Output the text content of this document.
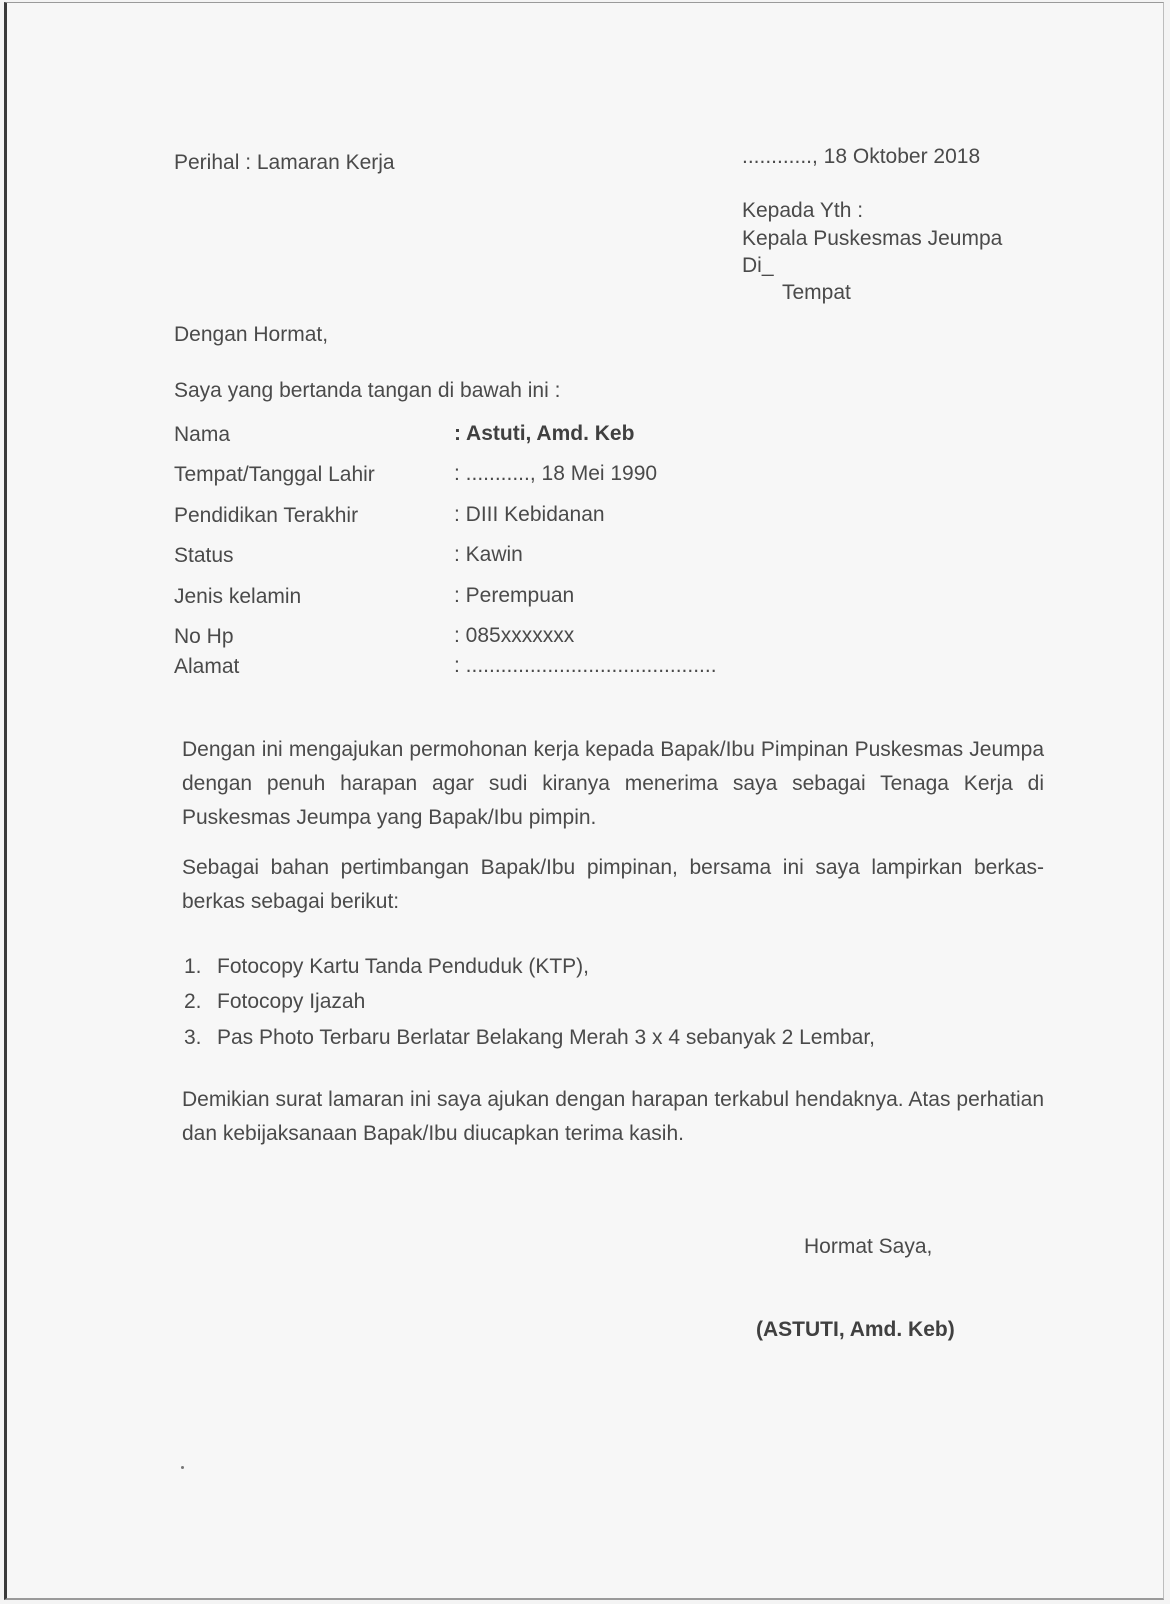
Perihal : Lamaran Kerja	............, 18 Oktober 2018
Kepada Yth :
Kepala Puskesmas Jeumpa
Di_
Tempat
Dengan Hormat,
Saya yang bertanda tangan di bawah ini :
Nama	: Astuti, Amd. Keb
Tempat/Tanggal Lahir	: ..........., 18 Mei 1990
Pendidikan Terakhir	: DIII Kebidanan
Status	: Kawin
Jenis kelamin	: Perempuan
No Hp	: 085xxxxxxx
Alamat	: ...........................................

Dengan ini mengajukan permohonan kerja kepada Bapak/Ibu Pimpinan Puskesmas Jeumpa dengan penuh harapan agar sudi kiranya menerima saya sebagai Tenaga Kerja di Puskesmas Jeumpa yang Bapak/Ibu pimpin.

Sebagai bahan pertimbangan Bapak/Ibu pimpinan, bersama ini saya lampirkan berkas-berkas sebagai berikut:

1. Fotocopy Kartu Tanda Penduduk (KTP),
2. Fotocopy Ijazah
3. Pas Photo Terbaru Berlatar Belakang Merah 3 x 4 sebanyak 2 Lembar,

Demikian surat lamaran ini saya ajukan dengan harapan terkabul hendaknya. Atas perhatian dan kebijaksanaan Bapak/Ibu diucapkan terima kasih.

Hormat Saya,
(ASTUTI, Amd. Keb)
